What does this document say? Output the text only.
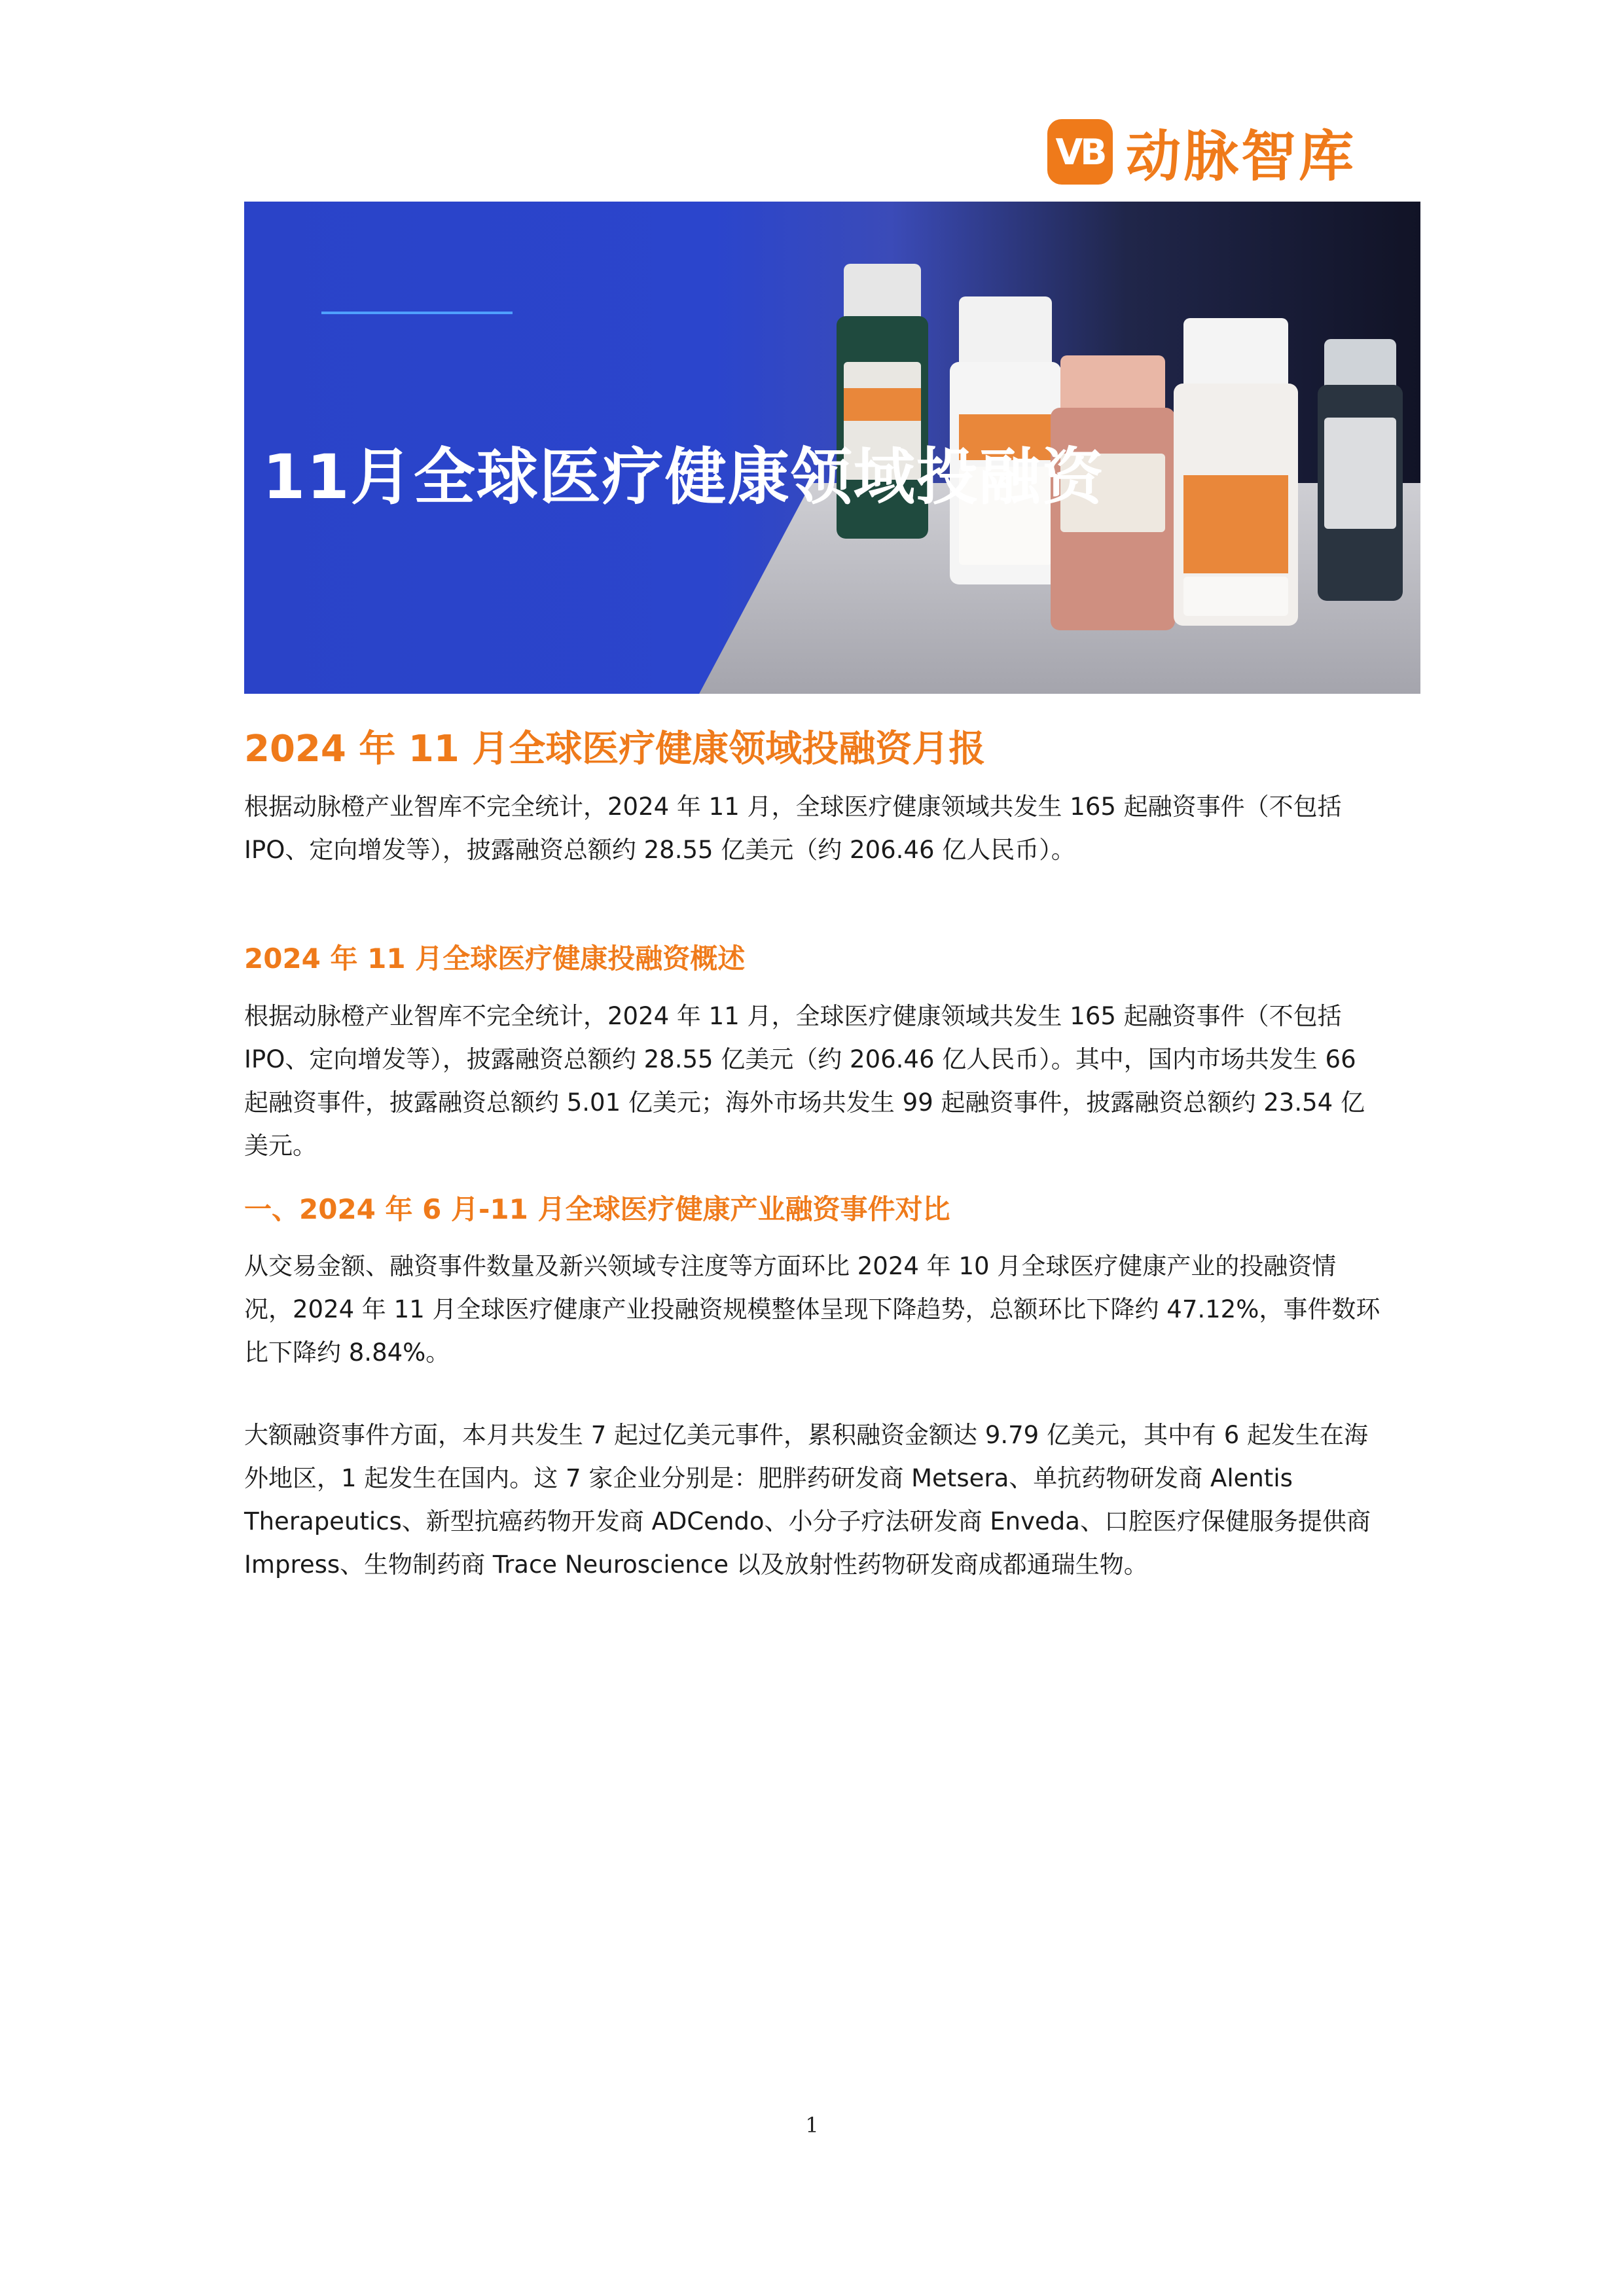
VB 动脉智库
11月全球医疗健康领域投融资
2024 年 11 月全球医疗健康领域投融资月报

根据动脉橙产业智库不完全统计，2024 年 11 月，全球医疗健康领域共发生 165 起融资事件（不包括 IPO、定向增发等），披露融资总额约 28.55 亿美元（约 206.46 亿人民币）。

2024 年 11 月全球医疗健康投融资概述

根据动脉橙产业智库不完全统计，2024 年 11 月，全球医疗健康领域共发生 165 起融资事件（不包括 IPO、定向增发等），披露融资总额约 28.55 亿美元（约 206.46 亿人民币）。其中，国内市场共发生 66 起融资事件，披露融资总额约 5.01 亿美元；海外市场共发生 99 起融资事件，披露融资总额约 23.54 亿美元。

一、2024 年 6 月-11 月全球医疗健康产业融资事件对比

从交易金额、融资事件数量及新兴领域专注度等方面环比 2024 年 10 月全球医疗健康产业的投融资情况，2024 年 11 月全球医疗健康产业投融资规模整体呈现下降趋势，总额环比下降约 47.12%，事件数环比下降约 8.84%。

大额融资事件方面，本月共发生 7 起过亿美元事件，累积融资金额达 9.79 亿美元，其中有 6 起发生在海外地区，1 起发生在国内。这 7 家企业分别是：肥胖药研发商 Metsera、单抗药物研发商 Alentis Therapeutics、新型抗癌药物开发商 ADCendo、小分子疗法研发商 Enveda、口腔医疗保健服务提供商 Impress、生物制药商 Trace Neuroscience 以及放射性药物研发商成都通瑞生物。

1
